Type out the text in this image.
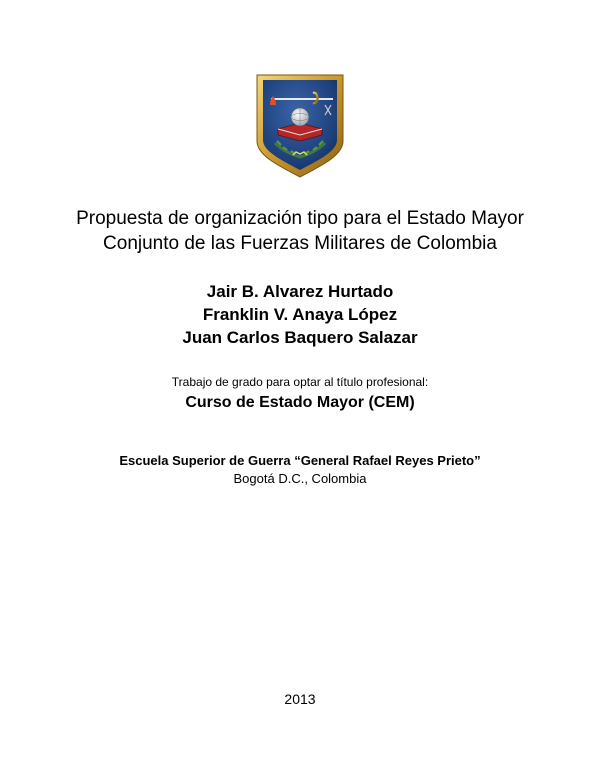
Propuesta de organización tipo para el Estado Mayor
Conjunto de las Fuerzas Militares de Colombia
Jair B. Alvarez Hurtado
Franklin V. Anaya López
Juan Carlos Baquero Salazar
Trabajo de grado para optar al título profesional:
Curso de Estado Mayor (CEM)
Escuela Superior de Guerra “General Rafael Reyes Prieto”
Bogotá D.C., Colombia
2013
